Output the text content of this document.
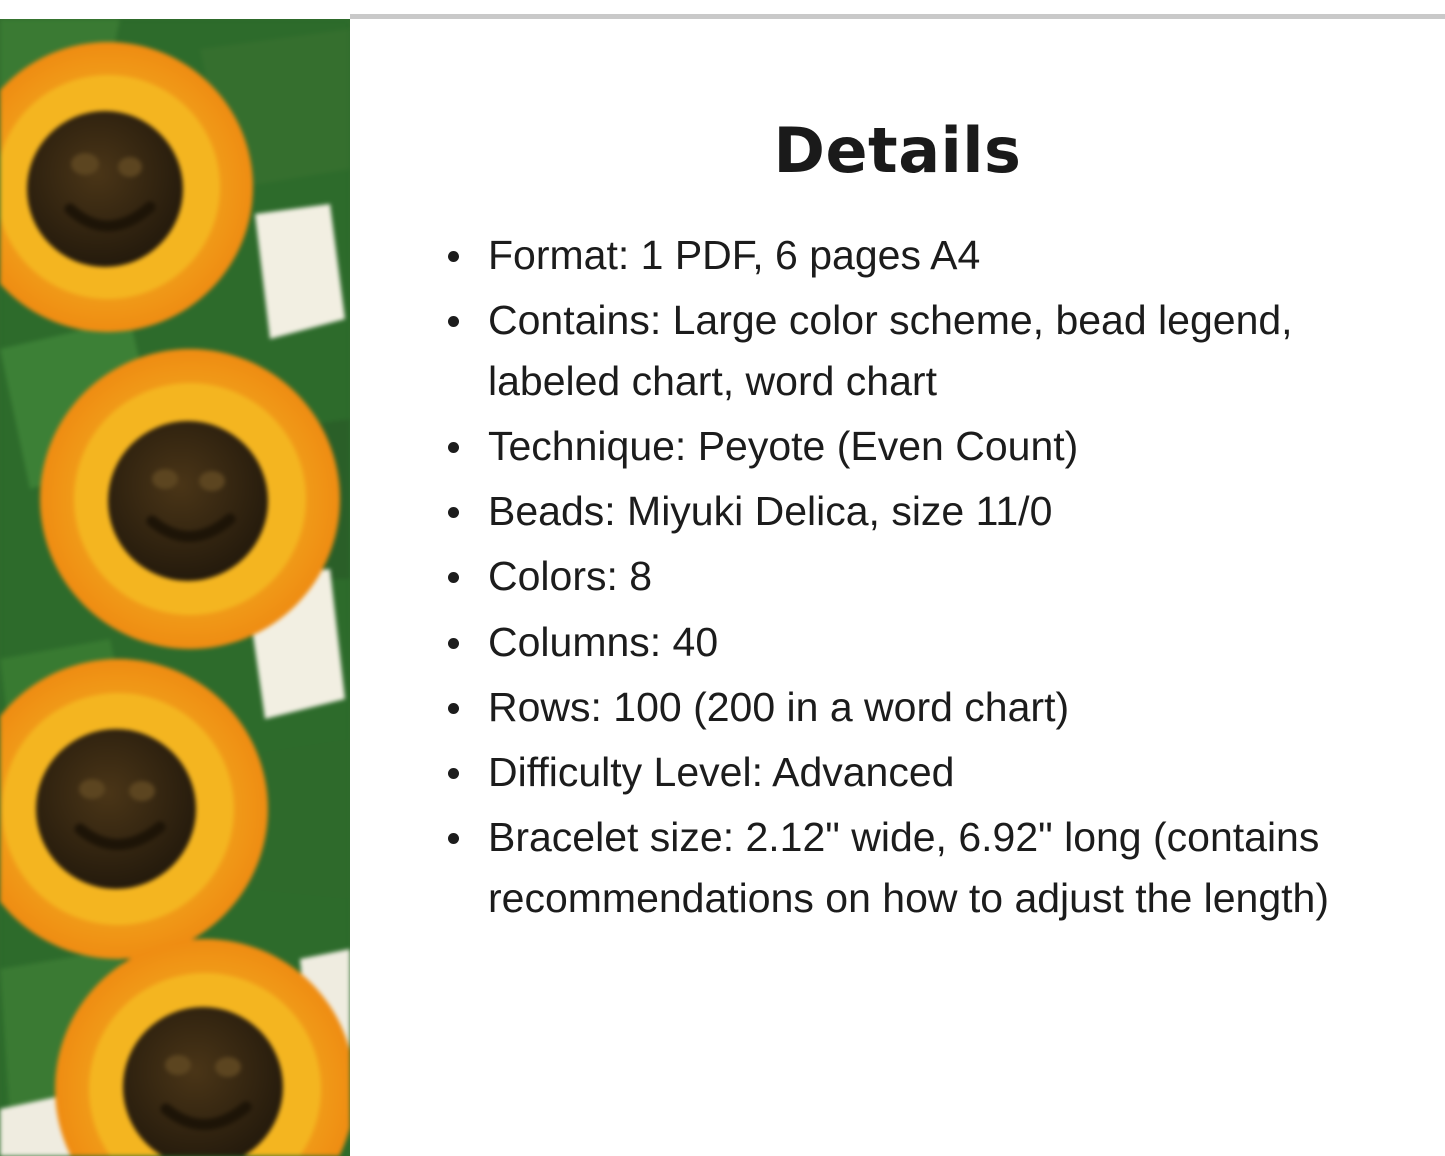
Details
Format: 1 PDF, 6 pages A4
Contains: Large color scheme, bead legend, labeled chart, word chart
Technique: Peyote (Even Count)
Beads: Miyuki Delica, size 11/0
Colors: 8
Columns: 40
Rows: 100 (200 in a word chart)
Difficulty Level: Advanced
Bracelet size: 2.12" wide, 6.92" long (contains recommendations on how to adjust the length)
